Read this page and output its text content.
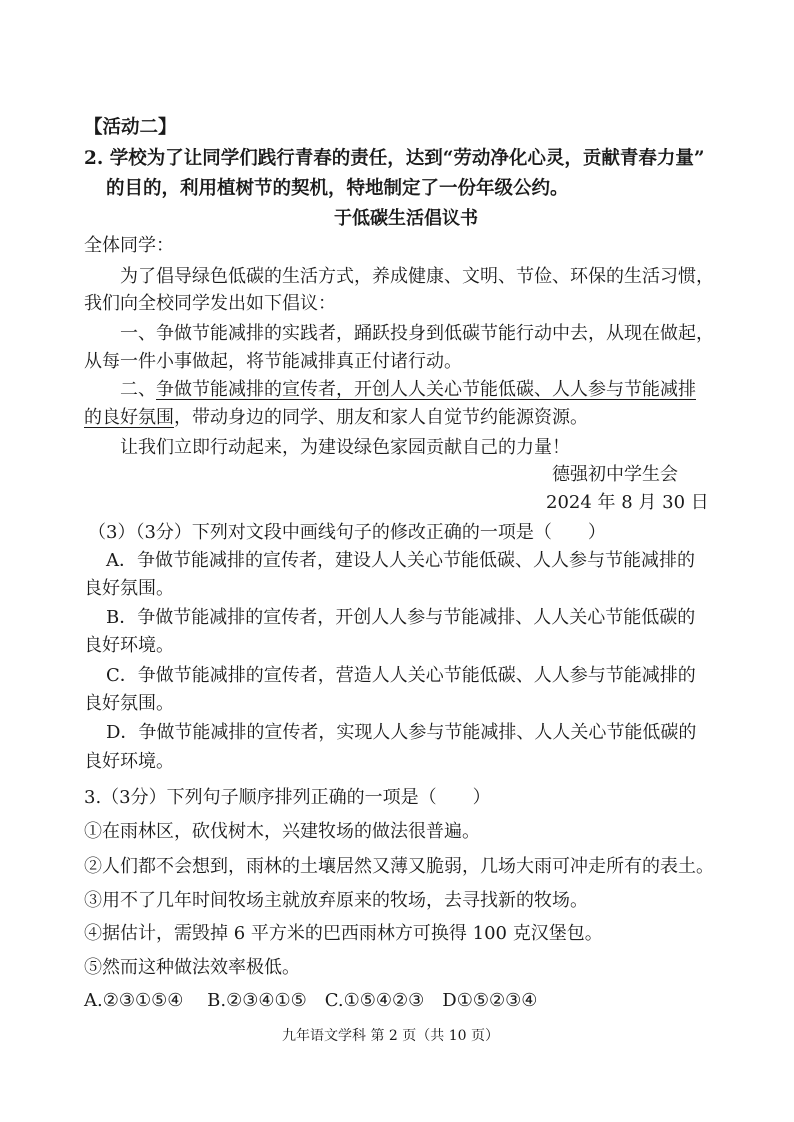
【活动二】
2. 学校为了让同学们践行青春的责任，达到“劳动净化心灵，贡献青春力量”
的目的，利用植树节的契机，特地制定了一份年级公约。
于低碳生活倡议书
全体同学：
为了倡导绿色低碳的生活方式，养成健康、文明、节俭、环保的生活习惯，
我们向全校同学发出如下倡议：
一、争做节能减排的实践者，踊跃投身到低碳节能行动中去，从现在做起，
从每一件小事做起，将节能减排真正付诸行动。
二、争做节能减排的宣传者，开创人人关心节能低碳、人人参与节能减排
的良好氛围，带动身边的同学、朋友和家人自觉节约能源资源。
让我们立即行动起来，为建设绿色家园贡献自己的力量！
德强初中学生会
2024 年 8 月 30 日
（3）（3分）下列对文段中画线句子的修改正确的一项是（　　）
A．争做节能减排的宣传者，建设人人关心节能低碳、人人参与节能减排的
良好氛围。
B．争做节能减排的宣传者，开创人人参与节能减排、人人关心节能低碳的
良好环境。
C．争做节能减排的宣传者，营造人人关心节能低碳、人人参与节能减排的
良好氛围。
D．争做节能减排的宣传者，实现人人参与节能减排、人人关心节能低碳的
良好环境。
3.（3分）下列句子顺序排列正确的一项是（　　）
①在雨林区，砍伐树木，兴建牧场的做法很普遍。
②人们都不会想到，雨林的土壤居然又薄又脆弱，几场大雨可冲走所有的表土。
③用不了几年时间牧场主就放弃原来的牧场，去寻找新的牧场。
④据估计，需毁掉 6 平方米的巴西雨林方可换得 100 克汉堡包。
⑤然而这种做法效率极低。
A.②③①⑤④　 B.②③④①⑤　C.①⑤④②③　D①⑤②③④
九年语文学科 第 2 页（共 10 页）
